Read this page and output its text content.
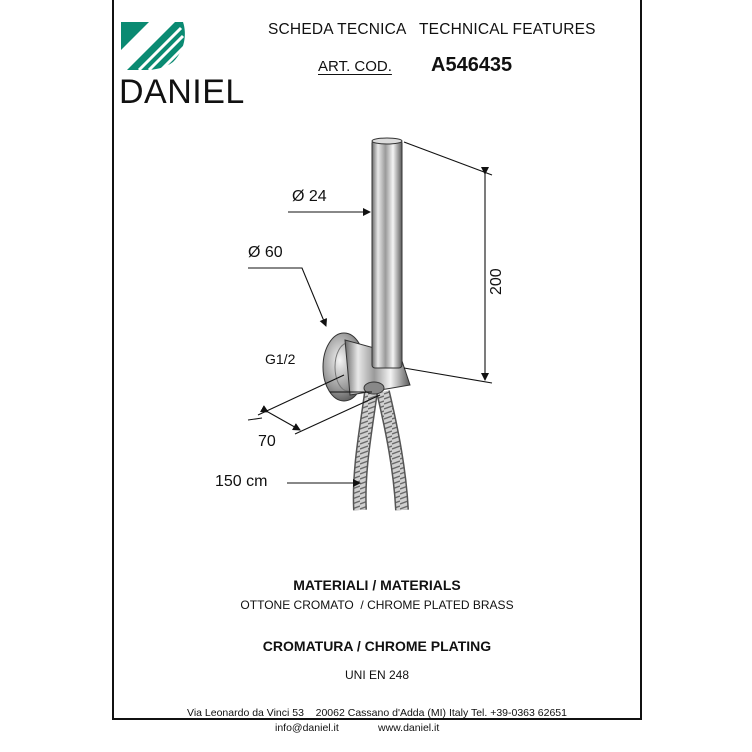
DANIEL
SCHEDA TECNICA   TECHNICAL FEATURES
ART. COD. A546435
Ø 24
Ø 60
200
G1/2
70
150 cm
MATERIALI / MATERIALS
OTTONE CROMATO  / CHROME PLATED BRASS
CROMATURA / CHROME PLATING
UNI EN 248
Via Leonardo da Vinci 53    20062 Cassano d'Adda (MI) Italy Tel. +39-0363 62651
info@daniel.it	www.daniel.it
